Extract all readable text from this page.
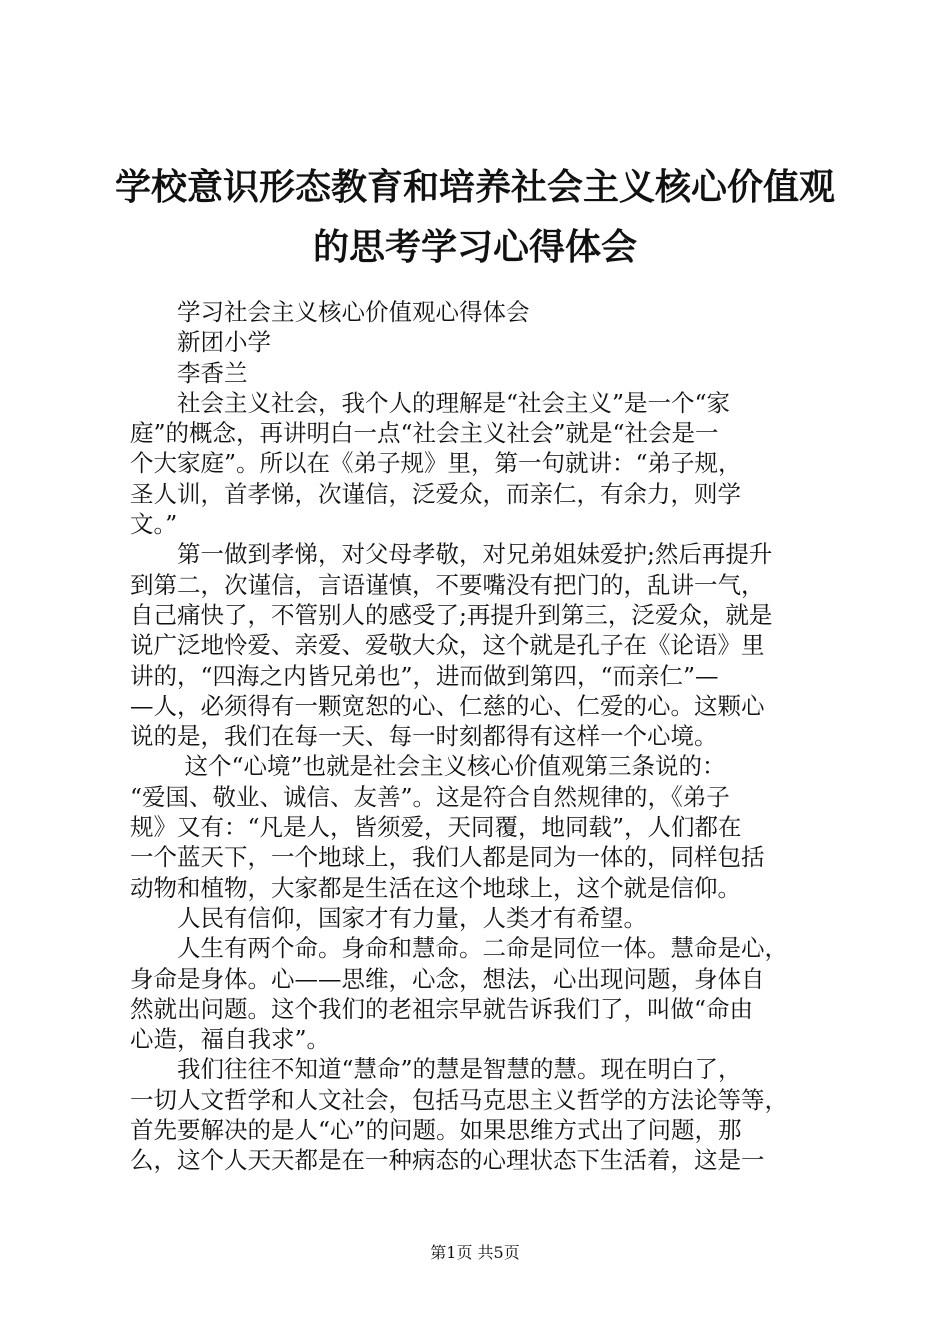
学校意识形态教育和培养社会主义核心价值观
的思考学习心得体会
　　学习社会主义核心价值观心得体会
　　新团小学
　　李香兰
　　社会主义社会，我个人的理解是“社会主义”是一个“家
庭”的概念，再讲明白一点“社会主义社会”就是“社会是一
个大家庭”。所以在《弟子规》里，第一句就讲：“弟子规，
圣人训，首孝悌，次谨信，泛爱众，而亲仁，有余力，则学
文。”
　　第一做到孝悌，对父母孝敬，对兄弟姐妹爱护;然后再提升
到第二，次谨信，言语谨慎，不要嘴没有把门的，乱讲一气，
自己痛快了，不管别人的感受了;再提升到第三，泛爱众，就是
说广泛地怜爱、亲爱、爱敬大众，这个就是孔子在《论语》里
讲的，“四海之内皆兄弟也”，进而做到第四，“而亲仁”—
—人，必须得有一颗宽恕的心、仁慈的心、仁爱的心。这颗心
说的是，我们在每一天、每一时刻都得有这样一个心境。
　　 这个“心境”也就是社会主义核心价值观第三条说的：
“爱国、敬业、诚信、友善”。这是符合自然规律的，《弟子
规》又有：“凡是人，皆须爱，天同覆，地同载”，人们都在
一个蓝天下，一个地球上，我们人都是同为一体的，同样包括
动物和植物，大家都是生活在这个地球上，这个就是信仰。
　　人民有信仰，国家才有力量，人类才有希望。
　　人生有两个命。身命和慧命。二命是同位一体。慧命是心，
身命是身体。心——思维，心念，想法，心出现问题，身体自
然就出问题。这个我们的老祖宗早就告诉我们了，叫做“命由
心造，福自我求”。
　　我们往往不知道“慧命”的慧是智慧的慧。现在明白了，
一切人文哲学和人文社会，包括马克思主义哲学的方法论等等，
首先要解决的是人“心”的问题。如果思维方式出了问题，那
么，这个人天天都是在一种病态的心理状态下生活着，这是一
第1页 共5页
